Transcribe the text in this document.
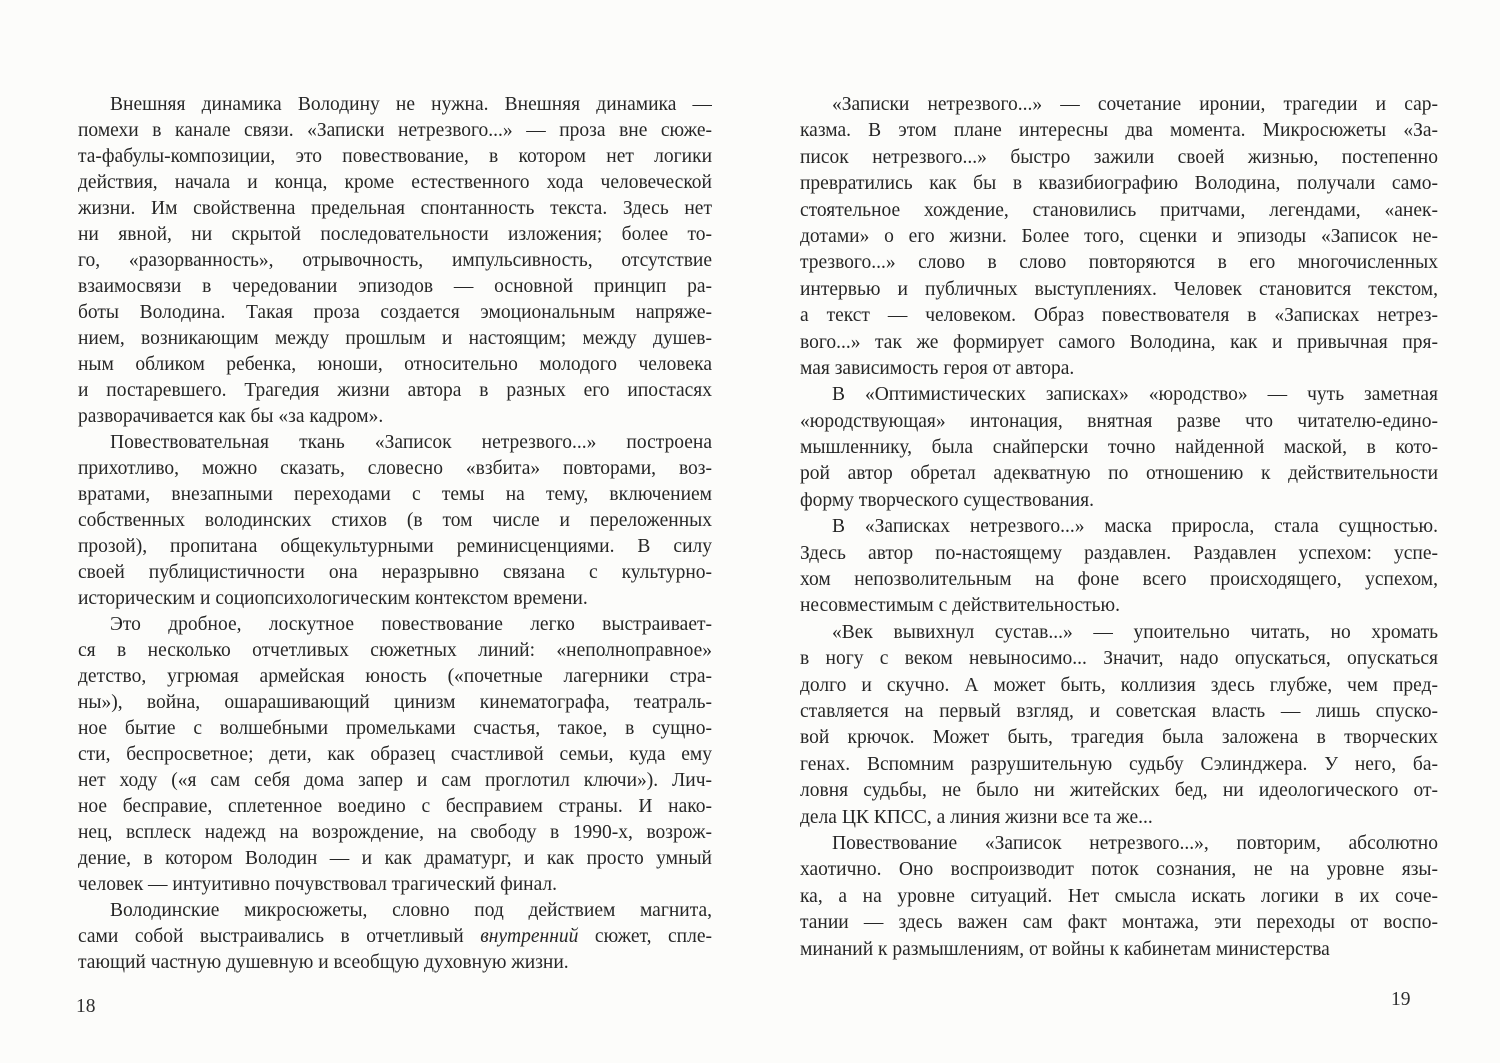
Внешняя динамика Володину не нужна. Внешняя динамика —
помехи в канале связи. «Записки нетрезвого...» — проза вне сюже-
та-фабулы-композиции, это повествование, в котором нет логики
действия, начала и конца, кроме естественного хода человеческой
жизни. Им свойственна предельная спонтанность текста. Здесь нет
ни явной, ни скрытой последовательности изложения; более то-
го, «разорванность», отрывочность, импульсивность, отсутствие
взаимосвязи в чередовании эпизодов — основной принцип ра-
боты Володина. Такая проза создается эмоциональным напряже-
нием, возникающим между прошлым и настоящим; между душев-
ным обликом ребенка, юноши, относительно молодого человека
и постаревшего. Трагедия жизни автора в разных его ипостасях
разворачивается как бы «за кадром».
Повествовательная ткань «Записок нетрезвого...» построена
прихотливо, можно сказать, словесно «взбита» повторами, воз-
вратами, внезапными переходами с темы на тему, включением
собственных володинских стихов (в том числе и переложенных
прозой), пропитана общекультурными реминисценциями. В силу
своей публицистичности она неразрывно связана с культурно-
историческим и социопсихологическим контекстом времени.
Это дробное, лоскутное повествование легко выстраивает-
ся в несколько отчетливых сюжетных линий: «неполноправное»
детство, угрюмая армейская юность («почетные лагерники стра-
ны»), война, ошарашивающий цинизм кинематографа, театраль-
ное бытие с волшебными промельками счастья, такое, в сущно-
сти, беспросветное; дети, как образец счастливой семьи, куда ему
нет ходу («я сам себя дома запер и сам проглотил ключи»). Лич-
ное бесправие, сплетенное воедино с бесправием страны. И нако-
нец, всплеск надежд на возрождение, на свободу в 1990-х, возрож-
дение, в котором Володин — и как драматург, и как просто умный
человек — интуитивно почувствовал трагический финал.
Володинские микросюжеты, словно под действием магнита,
сами собой выстраивались в отчетливый внутренний сюжет, спле-
тающий частную душевную и всеобщую духовную жизни.
18
«Записки нетрезвого...» — сочетание иронии, трагедии и сар-
казма. В этом плане интересны два момента. Микросюжеты «За-
писок нетрезвого...» быстро зажили своей жизнью, постепенно
превратились как бы в квазибиографию Володина, получали само-
стоятельное хождение, становились притчами, легендами, «анек-
дотами» о его жизни. Более того, сценки и эпизоды «Записок не-
трезвого...» слово в слово повторяются в его многочисленных
интервью и публичных выступлениях. Человек становится текстом,
а текст — человеком. Образ повествователя в «Записках нетрез-
вого...» так же формирует самого Володина, как и привычная пря-
мая зависимость героя от автора.
В «Оптимистических записках» «юродство» — чуть заметная
«юродствующая» интонация, внятная разве что читателю-едино-
мышленнику, была снайперски точно найденной маской, в кото-
рой автор обретал адекватную по отношению к действительности
форму творческого существования.
В «Записках нетрезвого...» маска приросла, стала сущностью.
Здесь автор по-настоящему раздавлен. Раздавлен успехом: успе-
хом непозволительным на фоне всего происходящего, успехом,
несовместимым с действительностью.
«Век вывихнул сустав...» — упоительно читать, но хромать
в ногу с веком невыносимо... Значит, надо опускаться, опускаться
долго и скучно. А может быть, коллизия здесь глубже, чем пред-
ставляется на первый взгляд, и советская власть — лишь спуско-
вой крючок. Может быть, трагедия была заложена в творческих
генах. Вспомним разрушительную судьбу Сэлинджера. У него, ба-
ловня судьбы, не было ни житейских бед, ни идеологического от-
дела ЦК КПСС, а линия жизни все та же...
Повествование «Записок нетрезвого...», повторим, абсолютно
хаотично. Оно воспроизводит поток сознания, не на уровне язы-
ка, а на уровне ситуаций. Нет смысла искать логики в их соче-
тании — здесь важен сам факт монтажа, эти переходы от воспо-
минаний к размышлениям, от войны к кабинетам министерства
19
